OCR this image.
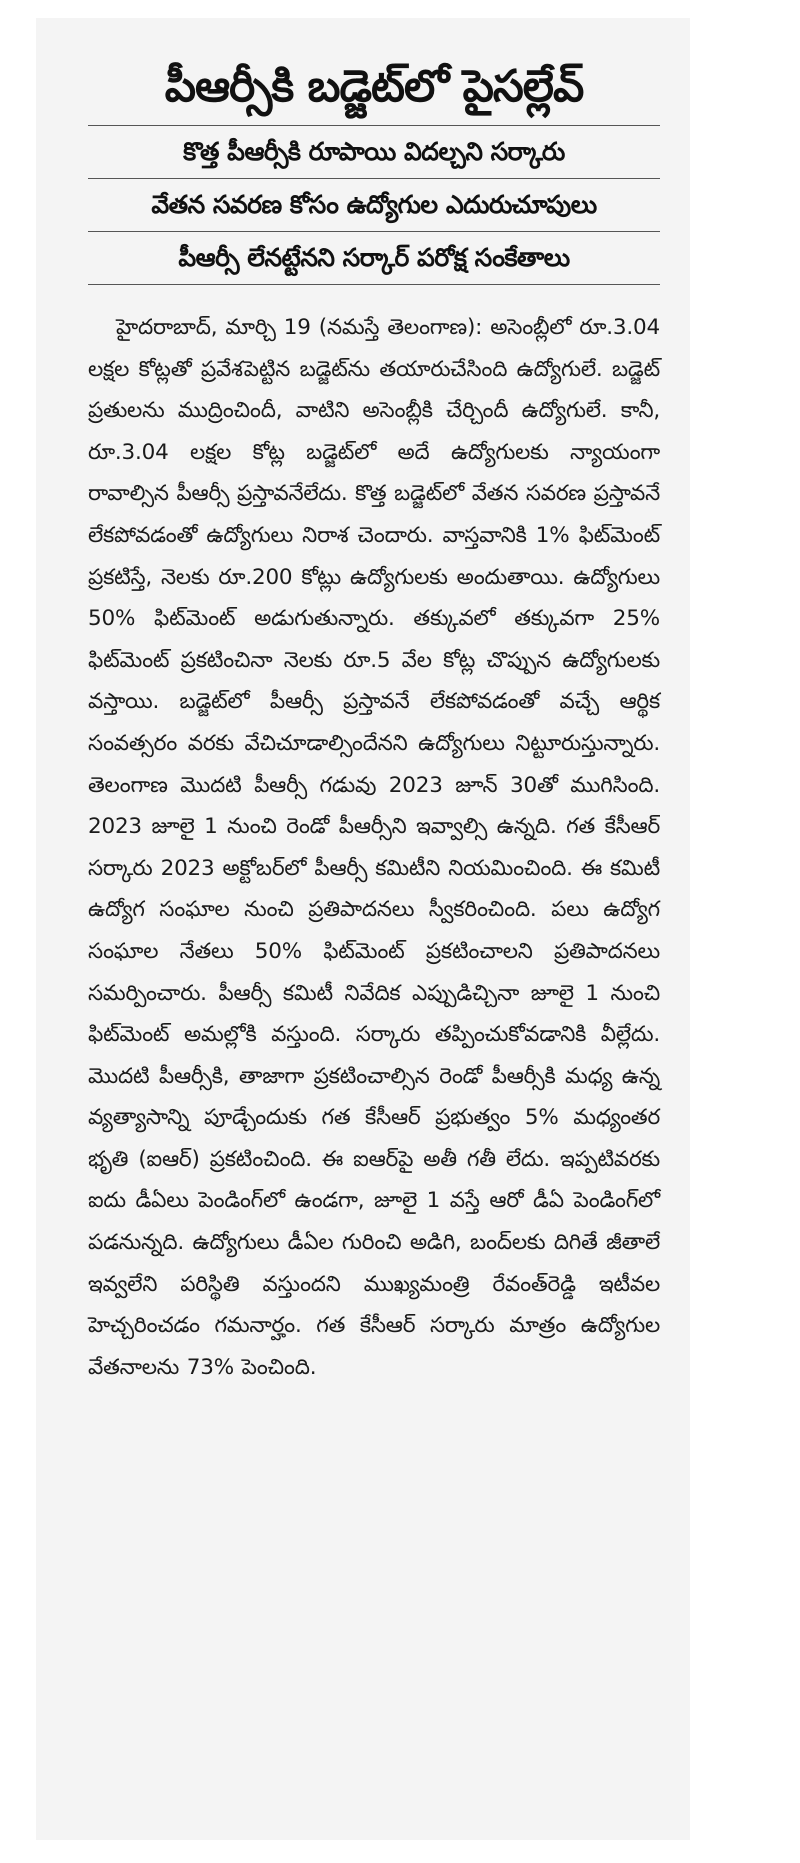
పీఆర్సీకి బడ్జెట్‌లో పైసల్లేవ్
కొత్త పీఆర్సీకి రూపాయి విదల్చని సర్కారు
వేతన సవరణ కోసం ఉద్యోగుల ఎదురుచూపులు
పీఆర్సీ లేనట్టేనని సర్కార్ పరోక్ష సంకేతాలు

హైదరాబాద్, మార్చి 19 (నమస్తే తెలంగాణ): అసెంబ్లీలో రూ.3.04 లక్షల కోట్లతో ప్రవేశపెట్టిన బడ్జెట్‌ను తయారుచేసింది ఉద్యోగులే. బడ్జెట్ ప్రతులను ముద్రించిందీ, వాటిని అసెంబ్లీకి చేర్చిందీ ఉద్యోగులే. కానీ, రూ.3.04 లక్షల కోట్ల బడ్జెట్‌లో అదే ఉద్యోగులకు న్యాయంగా రావాల్సిన పీఆర్సీ ప్రస్తావనేలేదు. కొత్త బడ్జెట్‌లో వేతన సవరణ ప్రస్తావనే లేకపోవడంతో ఉద్యోగులు నిరాశ చెందారు. వాస్తవానికి 1% ఫిట్‌మెంట్ ప్రకటిస్తే, నెలకు రూ.200 కోట్లు ఉద్యోగులకు అందుతాయి. ఉద్యోగులు 50% ఫిట్‌మెంట్ అడుగుతున్నారు. తక్కువలో తక్కువగా 25% ఫిట్‌మెంట్ ప్రకటించినా నెలకు రూ.5 వేల కోట్ల చొప్పున ఉద్యోగులకు వస్తాయి. బడ్జెట్‌లో పీఆర్సీ ప్రస్తావనే లేకపోవడంతో వచ్చే ఆర్థిక సంవత్సరం వరకు వేచిచూడాల్సిందేనని ఉద్యోగులు నిట్టూరుస్తున్నారు. తెలంగాణ మొదటి పీఆర్సీ గడువు 2023 జూన్ 30తో ముగిసింది. 2023 జూలై 1 నుంచి రెండో పీఆర్సీని ఇవ్వాల్సి ఉన్నది. గత కేసీఆర్ సర్కారు 2023 అక్టోబర్‌లో పీఆర్సీ కమిటీని నియమించింది. ఈ కమిటీ ఉద్యోగ సంఘాల నుంచి ప్రతిపాదనలు స్వీకరించింది. పలు ఉద్యోగ సంఘాల నేతలు 50% ఫిట్‌మెంట్ ప్రకటించాలని ప్రతిపాదనలు సమర్పించారు. పీఆర్సీ కమిటీ నివేదిక ఎప్పుడిచ్చినా జూలై 1 నుంచి ఫిట్‌మెంట్ అమల్లోకి వస్తుంది. సర్కారు తప్పించుకోవడానికి వీల్లేదు. మొదటి పీఆర్సీకి, తాజాగా ప్రకటించాల్సిన రెండో పీఆర్సీకి మధ్య ఉన్న వ్యత్యాసాన్ని పూడ్చేందుకు గత కేసీఆర్ ప్రభుత్వం 5% మధ్యంతర భృతి (ఐఆర్) ప్రకటించింది. ఈ ఐఆర్‌పై అతీ గతీ లేదు. ఇప్పటివరకు ఐదు డీఏలు పెండింగ్‌లో ఉండగా, జూలై 1 వస్తే ఆరో డీఏ పెండింగ్‌లో పడనున్నది. ఉద్యోగులు డీఏల గురించి అడిగి, బంద్‌లకు దిగితే జీతాలే ఇవ్వలేని పరిస్థితి వస్తుందని ముఖ్యమంత్రి రేవంత్‌రెడ్డి ఇటీవల హెచ్చరించడం గమనార్హం. గత కేసీఆర్ సర్కారు మాత్రం ఉద్యోగుల వేతనాలను 73% పెంచింది.
